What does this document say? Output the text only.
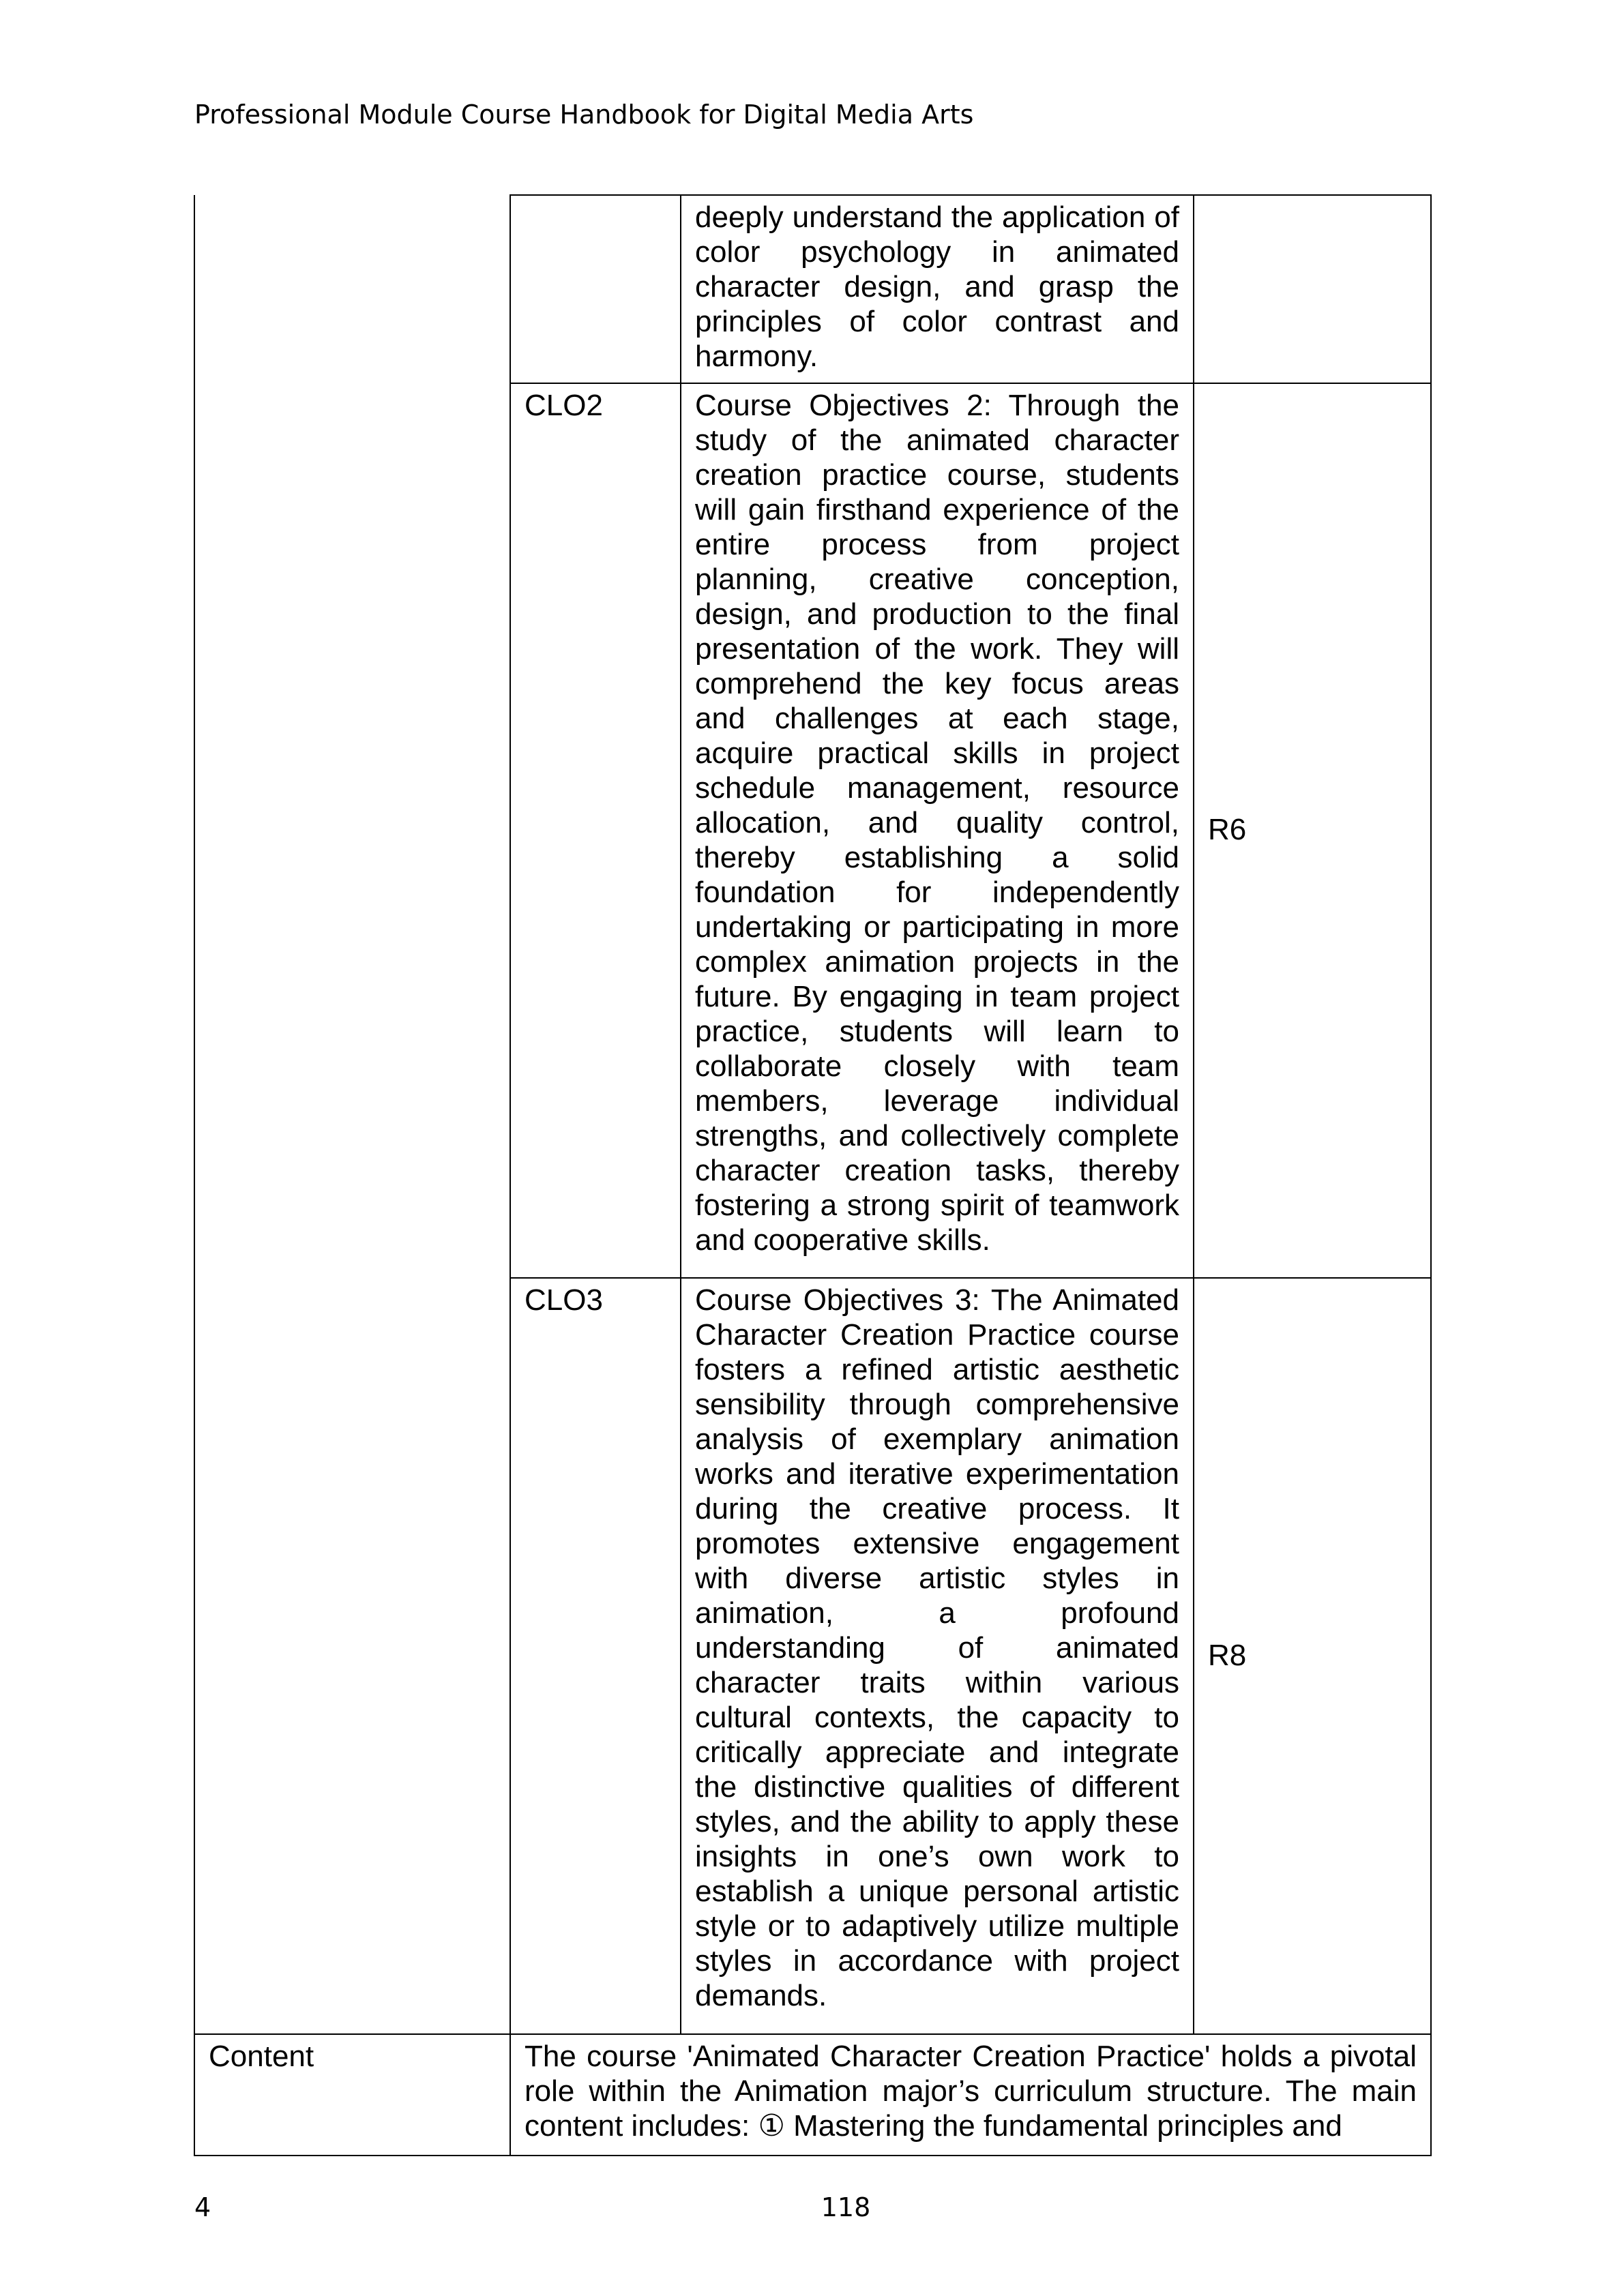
Professional Module Course Handbook for Digital Media Arts
		deeply understand the application of color psychology in animated character design, and grasp the principles of color contrast and harmony.	
	CLO2	Course Objectives 2: Through the study of the animated character creation practice course, students will gain firsthand experience of the entire process from project planning, creative conception, design, and production to the final presentation of the work. They will comprehend the key focus areas and challenges at each stage, acquire practical skills in project schedule management, resource allocation, and quality control, thereby establishing a solid foundation for independently undertaking or participating in more complex animation projects in the future. By engaging in team project practice, students will learn to collaborate closely with team members, leverage individual strengths, and collectively complete character creation tasks, thereby fostering a strong spirit of teamwork and cooperative skills.	R6
	CLO3	Course Objectives 3: The Animated Character Creation Practice course fosters a refined artistic aesthetic sensibility through comprehensive analysis of exemplary animation works and iterative experimentation during the creative process. It promotes extensive engagement with diverse artistic styles in animation, a profound understanding of animated character traits within various cultural contexts, the capacity to critically appreciate and integrate the distinctive qualities of different styles, and the ability to apply these insights in one’s own work to establish a unique personal artistic style or to adaptively utilize multiple styles in accordance with project demands.	R8
Content	The course 'Animated Character Creation Practice' holds a pivotal role within the Animation major’s curriculum structure. The main content includes: ① Mastering the fundamental principles and		
4	118
